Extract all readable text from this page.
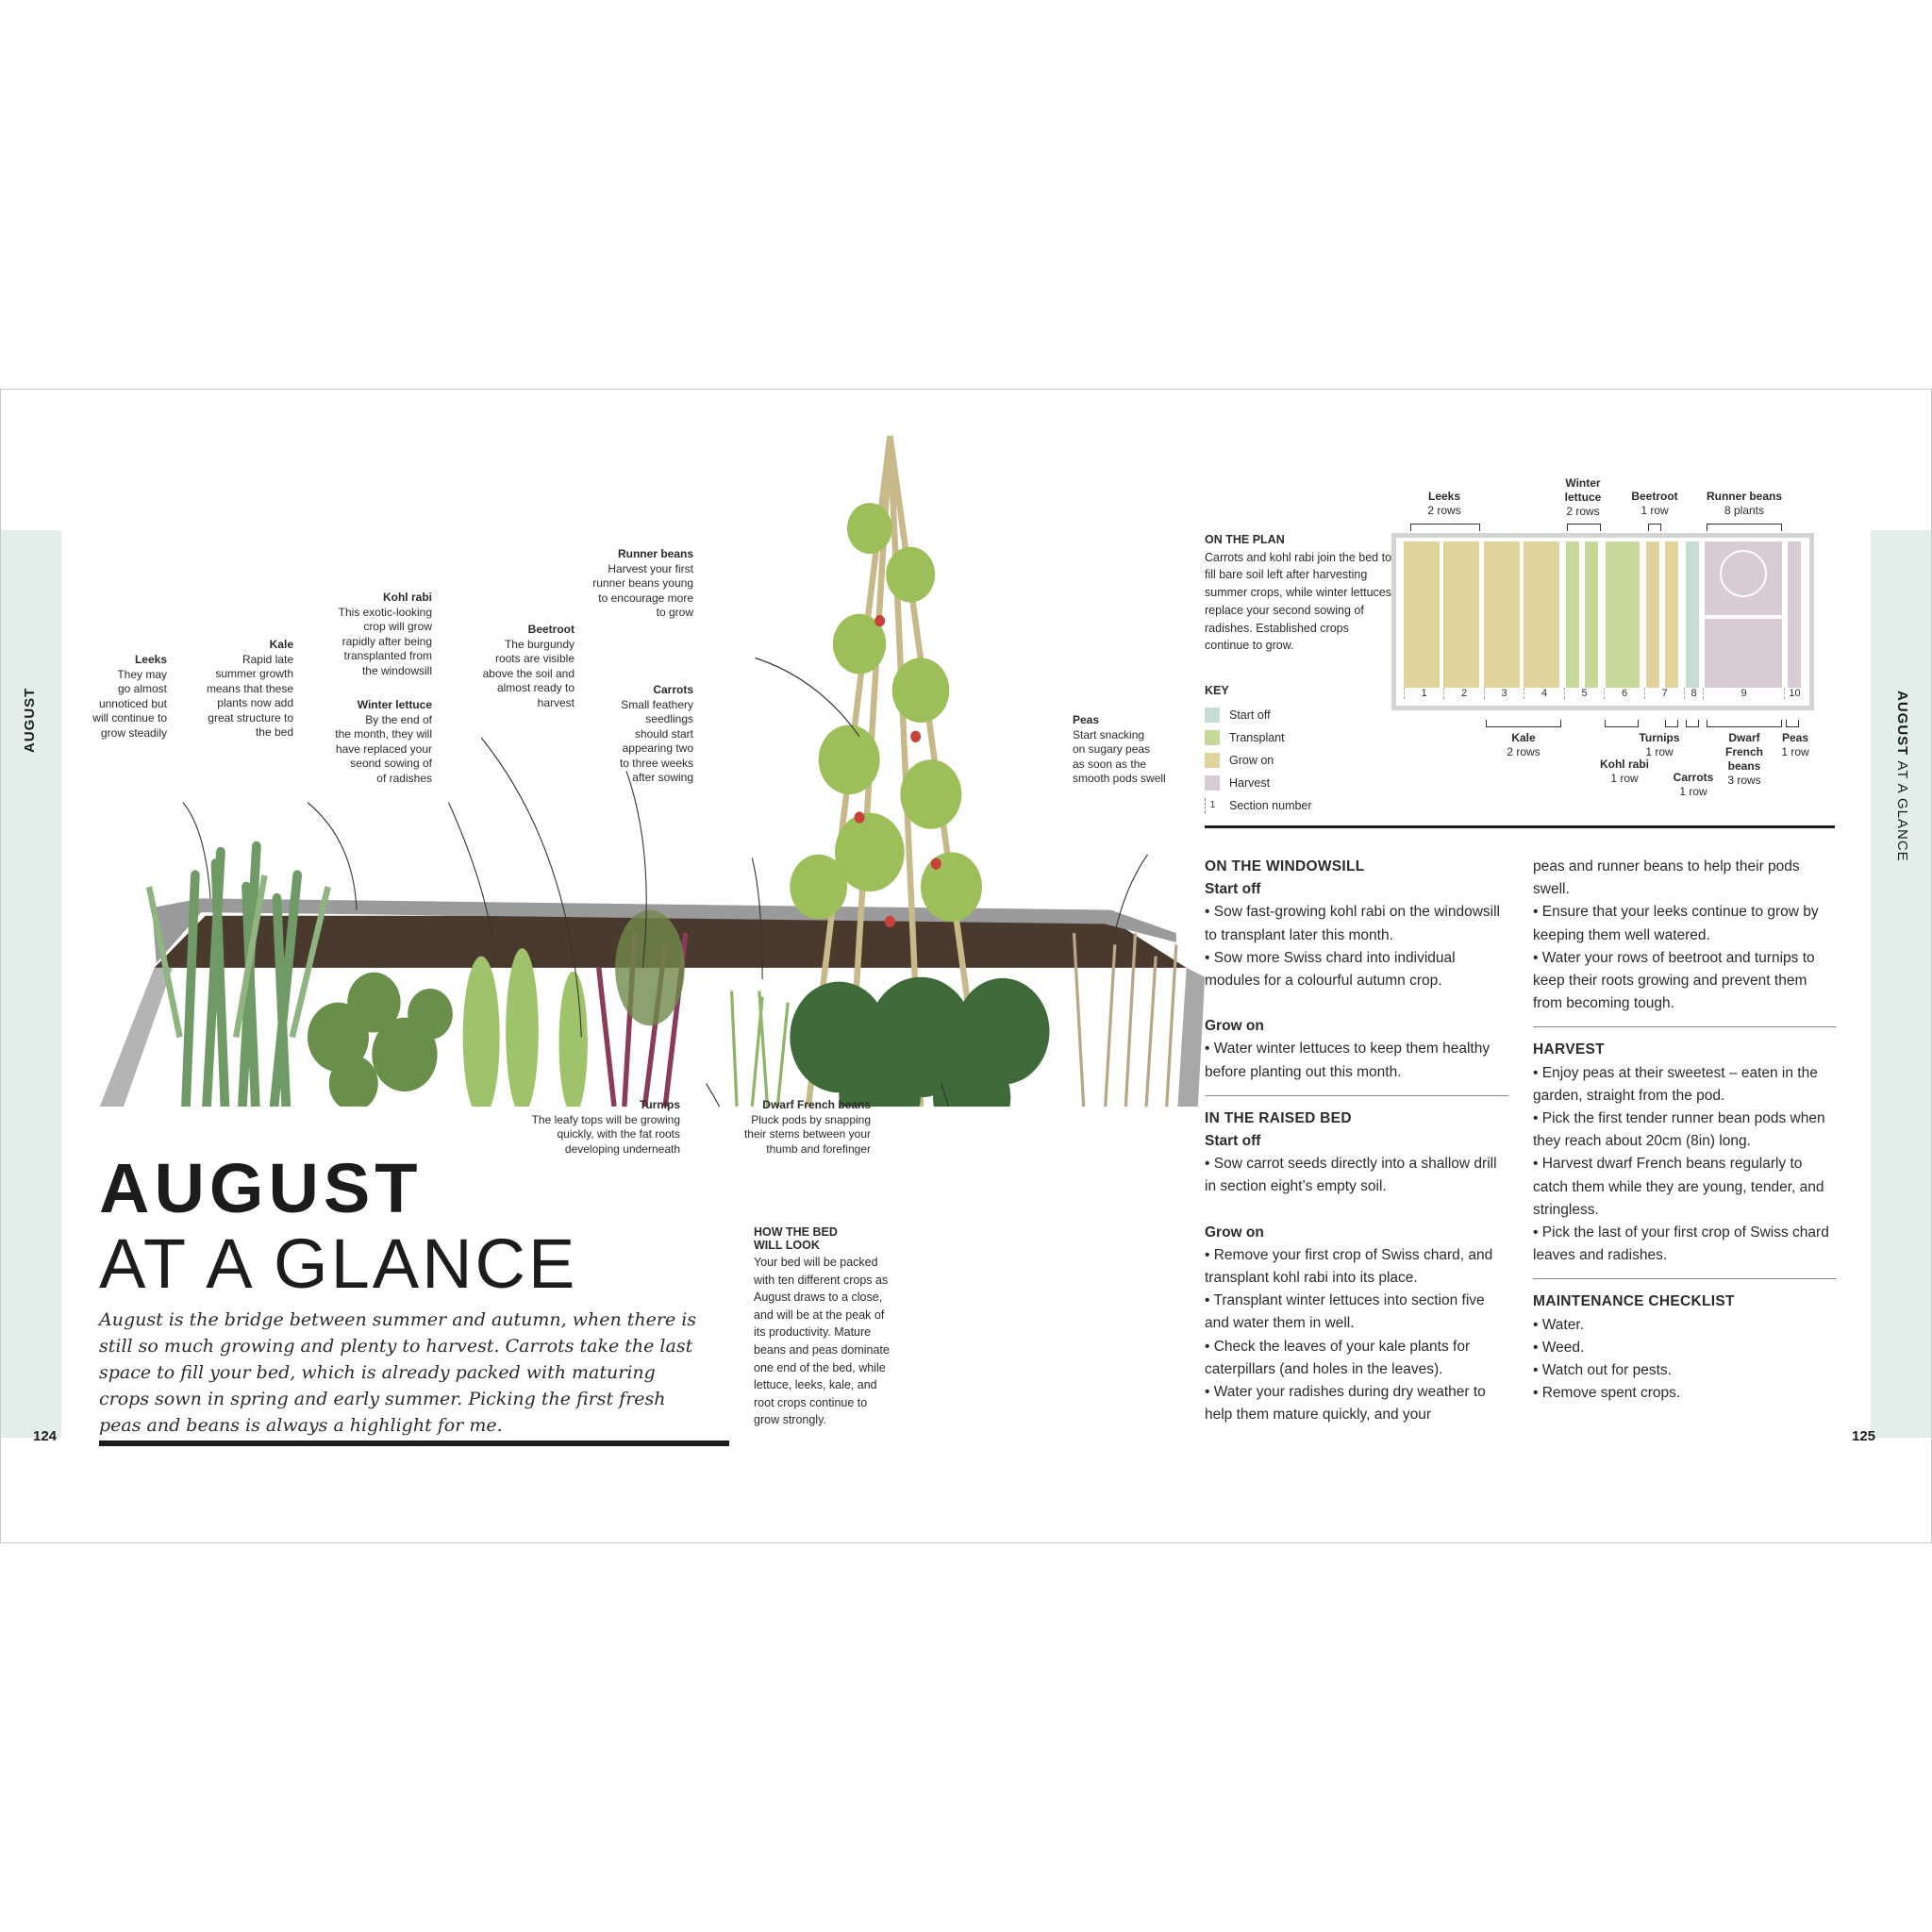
AUGUST	AUGUST AT A GLANCE
124	125
Leeks
They may
go almost
unnoticed but
will continue to
grow steadily
Kale
Rapid late
summer growth
means that these
plants now add
great structure to
the bed
Kohl rabi
This exotic-looking
crop will grow
rapidly after being
transplanted from
the windowsill
Winter lettuce
By the end of
the month, they will
have replaced your
seond sowing of
of radishes
Beetroot
The burgundy
roots are visible
above the soil and
almost ready to
harvest
Runner beans
Harvest your first
runner beans young
to encourage more
to grow
Carrots
Small feathery
seedlings
should start
appearing two
to three weeks
after sowing
Peas
Start snacking
on sugary peas
as soon as the
smooth pods swell
Turnips
The leafy tops will be growing
quickly, with the fat roots
developing underneath
Dwarf French beans
Pluck pods by snapping
their stems between your
thumb and forefinger
AUGUST
AT A GLANCE
August is the bridge between summer and autumn, when there is still so much growing and plenty to harvest. Carrots take the last space to fill your bed, which is already packed with maturing crops sown in spring and early summer. Picking the first fresh peas and beans is always a highlight for me.
HOW THE BED
WILL LOOK
Your bed will be packed with ten different crops as August draws to a close, and will be at the peak of its productivity. Mature beans and peas dominate one end of the bed, while lettuce, leeks, kale, and root crops continue to grow strongly.
ON THE PLAN
Carrots and kohl rabi join the bed to fill bare soil left after harvesting summer crops, while winter lettuces replace your second sowing of radishes. Established crops continue to grow.
KEY
Start off
Transplant
Grow on
Harvest
1	Section number
Leeks
2 rows
Winter
lettuce
2 rows
Beetroot
1 row
Runner beans
8 plants
1	2	3	4	5	6	7	8	9	10
Kale
2 rows
Kohl rabi
1 row
Turnips
1 row
Carrots
1 row
Dwarf
French
beans
3 rows
Peas
1 row
ON THE WINDOWSILL
Start off
• Sow fast-growing kohl rabi on the windowsill to transplant later this month.
• Sow more Swiss chard into individual modules for a colourful autumn crop.
Grow on
• Water winter lettuces to keep them healthy before planting out this month.
IN THE RAISED BED
Start off
• Sow carrot seeds directly into a shallow drill in section eight’s empty soil.
Grow on
• Remove your first crop of Swiss chard, and transplant kohl rabi into its place.
• Transplant winter lettuces into section five and water them in well.
• Check the leaves of your kale plants for caterpillars (and holes in the leaves).
• Water your radishes during dry weather to help them mature quickly, and your
peas and runner beans to help their pods swell.
• Ensure that your leeks continue to grow by keeping them well watered.
• Water your rows of beetroot and turnips to keep their roots growing and prevent them from becoming tough.
HARVEST
• Enjoy peas at their sweetest – eaten in the garden, straight from the pod.
• Pick the first tender runner bean pods when they reach about 20cm (8in) long.
• Harvest dwarf French beans regularly to catch them while they are young, tender, and stringless.
• Pick the last of your first crop of Swiss chard leaves and radishes.
MAINTENANCE CHECKLIST
• Water.
• Weed.
• Watch out for pests.
• Remove spent crops.
